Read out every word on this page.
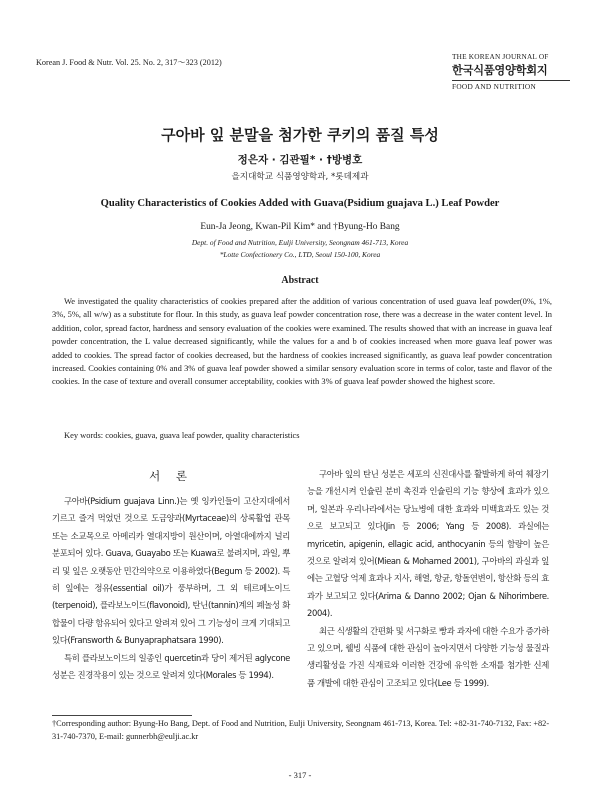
Korean J. Food & Nutr. Vol. 25. No. 2, 317～323 (2012)
THE KOREAN JOURNAL OF
한국식품영양학회지
FOOD AND NUTRITION
구아바 잎 분말을 첨가한 쿠키의 품질 특성
정은자 · 김관필* · †방병호
을지대학교 식품영양학과, *롯데제과
Quality Characteristics of Cookies Added with Guava(Psidium guajava L.) Leaf Powder
Eun-Ja Jeong, Kwan-Pil Kim* and †Byung-Ho Bang
Dept. of Food and Nutrition, Eulji University, Seongnam 461-713, Korea
*Lotte Confectionery Co., LTD, Seoul 150-100, Korea
Abstract
We investigated the quality characteristics of cookies prepared after the addition of various concentration of used guava leaf powder(0%, 1%, 3%, 5%, all w/w) as a substitute for flour. In this study, as guava leaf powder concentration rose, there was a decrease in the water content level. In addition, color, spread factor, hardness and sensory evaluation of the cookies were examined. The results showed that with an increase in guava leaf powder concentration, the L value decreased significantly, while the values for a and b of cookies increased when more guava leaf power was added to cookies. The spread factor of cookies decreased, but the hardness of cookies increased significantly, as guava leaf powder concentration increased. Cookies containing 0% and 3% of guava leaf powder showed a similar sensory evaluation score in terms of color, taste and flavor of the cookies. In the case of texture and overall consumer acceptability, cookies with 3% of guava leaf powder showed the highest score.
Key words: cookies, guava, guava leaf powder, quality characteristics
서 론

구아바(Psidium guajava Linn.)는 옛 잉카인들이 고산지대에서 기르고 즐겨 먹었던 것으로 도금양과(Myrtaceae)의 상록활엽 관목 또는 소교목으로 아메리카 열대지방이 원산이며, 아열대에까지 널리 분포되어 있다. Guava, Guayabo 또는 Kuawa로 불려지며, 과일, 뿌리 및 잎은 오랫동안 민간의약으로 이용하였다(Begum 등 2002). 특히 잎에는 정유(essential oil)가 풍부하며, 그 외 테르페노이드(terpenoid), 플라보노이드(flavonoid), 탄닌(tannin)계의 폐놀성 화합물이 다량 함유되어 있다고 알려져 있어 그 기능성이 크게 기대되고 있다(Fransworth & Bunyapraphatsara 1990).

특히 플라보노이드의 일종인 quercetin과 당이 제거된 aglycone 성분은 진경작용이 있는 것으로 알려져 있다(Morales 등 1994).

구아바 잎의 탄닌 성분은 세포의 신진대사를 활발하게 하여 췌장기능을 개선시켜 인슐린 분비 촉진과 인슐린의 기능 향상에 효과가 있으며, 일본과 우리나라에서는 당뇨병에 대한 효과와 미백효과도 있는 것으로 보고되고 있다(Jin 등 2006; Yang 등 2008). 과실에는 myricetin, apigenin, ellagic acid, anthocyanin 등의 함량이 높은 것으로 알려져 있어(Miean & Mohamed 2001), 구아바의 과실과 잎에는 고혈당 억제 효과나 지사, 해열, 항균, 항돌연변이, 항산화 등의 효과가 보고되고 있다(Arima & Danno 2002; Ojan & Nihorimbere. 2004).

최근 식생활의 간편화 및 서구화로 빵과 과자에 대한 수요가 증가하고 있으며, 웰빙 식품에 대한 관심이 높아지면서 다양한 기능성 물질과 생리활성을 가진 식재료와 이러한 건강에 유익한 소재를 첨가한 신제품 개발에 대한 관심이 고조되고 있다(Lee 등 1999).

†Corresponding author: Byung-Ho Bang, Dept. of Food and Nutrition, Eulji University, Seongnam 461-713, Korea. Tel: +82-31-740-7132, Fax: +82-31-740-7370, E-mail: gunnerbh@eulji.ac.kr
- 317 -
